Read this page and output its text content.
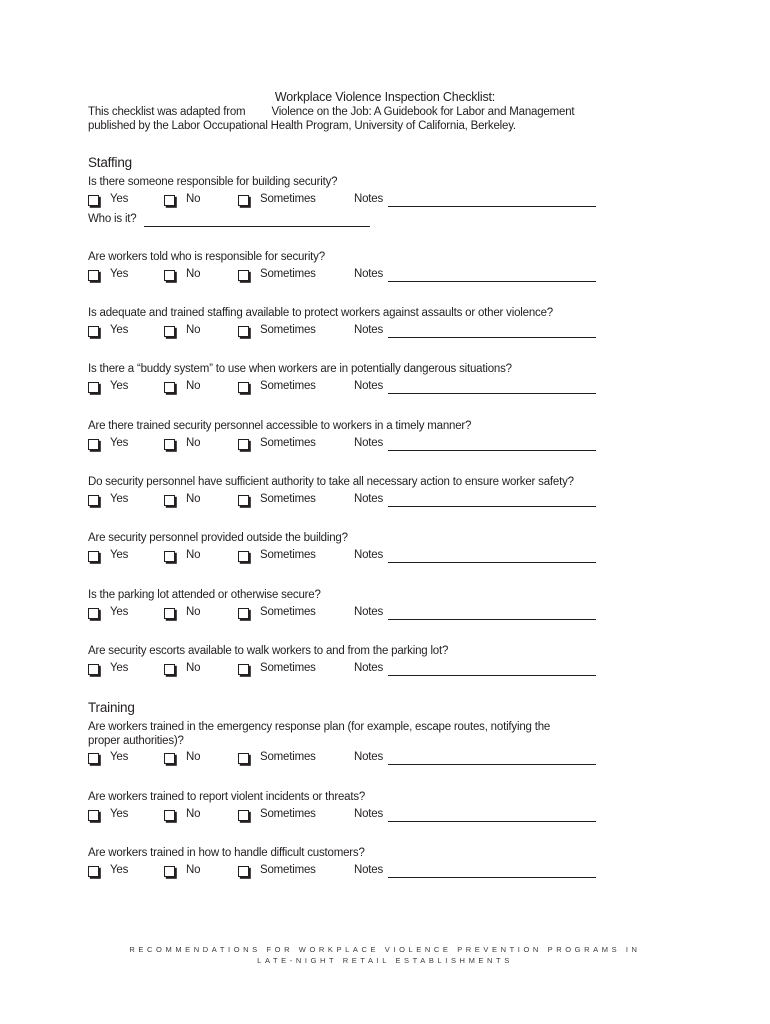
Workplace Violence Inspection Checklist:
This checklist was adapted from Violence on the Job: A Guidebook for Labor and Management
published by the Labor Occupational Health Program, University of California, Berkeley.
Staffing
Is there someone responsible for building security?
Yes	No	Sometimes	Notes
Who is it?
Are workers told who is responsible for security?
Yes	No	Sometimes	Notes
Is adequate and trained staffing available to protect workers against assaults or other violence?
Yes	No	Sometimes	Notes
Is there a “buddy system” to use when workers are in potentially dangerous situations?
Yes	No	Sometimes	Notes
Are there trained security personnel accessible to workers in a timely manner?
Yes	No	Sometimes	Notes
Do security personnel have sufficient authority to take all necessary action to ensure worker safety?
Yes	No	Sometimes	Notes
Are security personnel provided outside the building?
Yes	No	Sometimes	Notes
Is the parking lot attended or otherwise secure?
Yes	No	Sometimes	Notes
Are security escorts available to walk workers to and from the parking lot?
Yes	No	Sometimes	Notes
Training
Are workers trained in the emergency response plan (for example, escape routes, notifying the
proper authorities)?
Yes	No	Sometimes	Notes
Are workers trained to report violent incidents or threats?
Yes	No	Sometimes	Notes
Are workers trained in how to handle difficult customers?
Yes	No	Sometimes	Notes
RECOMMENDATIONS FOR WORKPLACE VIOLENCE PREVENTION PROGRAMS IN
LATE-NIGHT RETAIL ESTABLISHMENTS
